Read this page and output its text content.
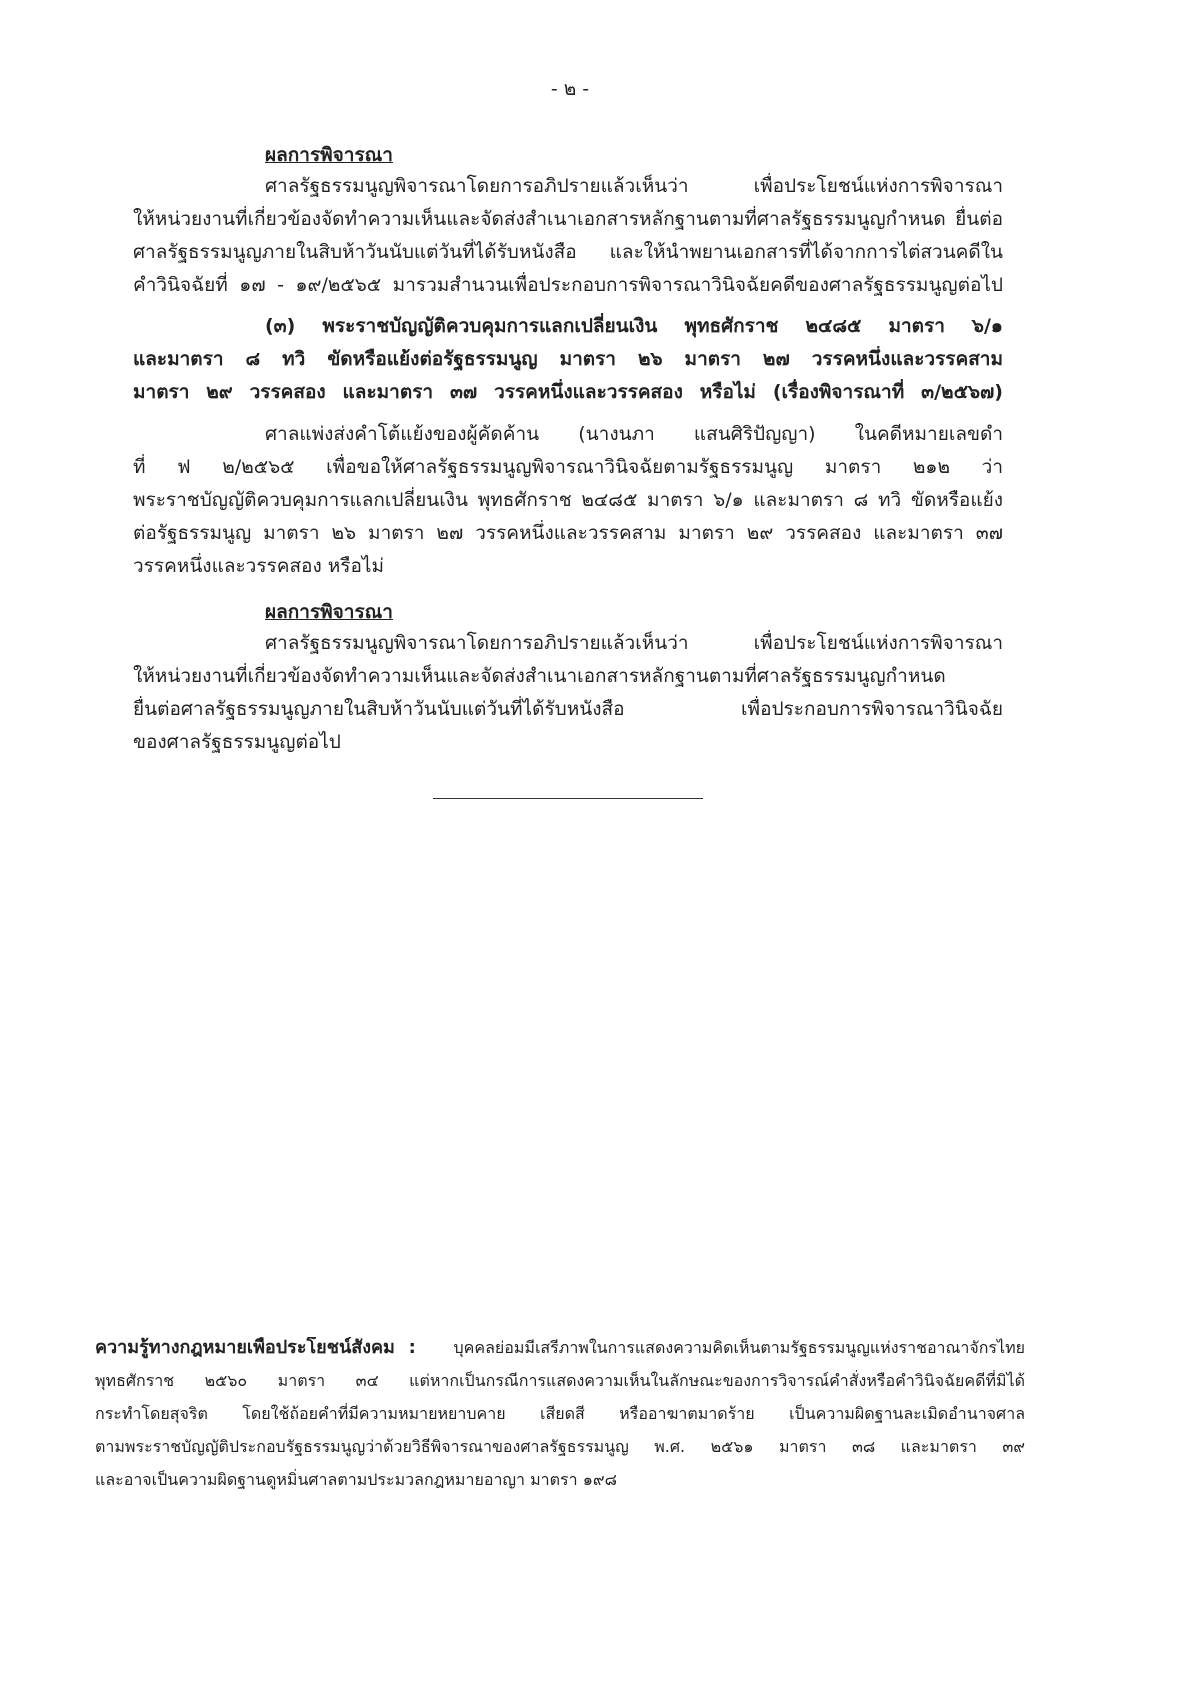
- ๒ -
ผลการพิจารณา
ศาลรัฐธรรมนูญพิจารณาโดยการอภิปรายแล้วเห็นว่า เพื่อประโยชน์แห่งการพิจารณา
ให้หน่วยงานที่เกี่ยวข้องจัดทำความเห็นและจัดส่งสำเนาเอกสารหลักฐานตามที่ศาลรัฐธรรมนูญกำหนด ยื่นต่อ
ศาลรัฐธรรมนูญภายในสิบห้าวันนับแต่วันที่ได้รับหนังสือ และให้นำพยานเอกสารที่ได้จากการไต่สวนคดีใน
คำวินิจฉัยที่ ๑๗ - ๑๙/๒๕๖๕ มารวมสำนวนเพื่อประกอบการพิจารณาวินิจฉัยคดีของศาลรัฐธรรมนูญต่อไป
(๓) พระราชบัญญัติควบคุมการแลกเปลี่ยนเงิน พุทธศักราช ๒๔๘๕ มาตรา ๖/๑
และมาตรา ๘ ทวิ ขัดหรือแย้งต่อรัฐธรรมนูญ มาตรา ๒๖ มาตรา ๒๗ วรรคหนึ่งและวรรคสาม
มาตรา ๒๙ วรรคสอง และมาตรา ๓๗ วรรคหนึ่งและวรรคสอง หรือไม่ (เรื่องพิจารณาที่ ๓/๒๕๖๗)
ศาลแพ่งส่งคำโต้แย้งของผู้คัดค้าน (นางนภา แสนศิริปัญญา) ในคดีหมายเลขดำ
ที่ ฟ ๒/๒๕๖๕ เพื่อขอให้ศาลรัฐธรรมนูญพิจารณาวินิจฉัยตามรัฐธรรมนูญ มาตรา ๒๑๒ ว่า
พระราชบัญญัติควบคุมการแลกเปลี่ยนเงิน พุทธศักราช ๒๔๘๕ มาตรา ๖/๑ และมาตรา ๘ ทวิ ขัดหรือแย้ง
ต่อรัฐธรรมนูญ มาตรา ๒๖ มาตรา ๒๗ วรรคหนึ่งและวรรคสาม มาตรา ๒๙ วรรคสอง และมาตรา ๓๗
วรรคหนึ่งและวรรคสอง หรือไม่
ผลการพิจารณา
ศาลรัฐธรรมนูญพิจารณาโดยการอภิปรายแล้วเห็นว่า เพื่อประโยชน์แห่งการพิจารณา
ให้หน่วยงานที่เกี่ยวข้องจัดทำความเห็นและจัดส่งสำเนาเอกสารหลักฐานตามที่ศาลรัฐธรรมนูญกำหนด
ยื่นต่อศาลรัฐธรรมนูญภายในสิบห้าวันนับแต่วันที่ได้รับหนังสือ เพื่อประกอบการพิจารณาวินิจฉัย
ของศาลรัฐธรรมนูญต่อไป
ความรู้ทางกฎหมายเพื่อประโยชน์สังคม : บุคคลย่อมมีเสรีภาพในการแสดงความคิดเห็นตามรัฐธรรมนูญแห่งราชอาณาจักรไทย
พุทธศักราช ๒๕๖๐ มาตรา ๓๔ แต่หากเป็นกรณีการแสดงความเห็นในลักษณะของการวิจารณ์คำสั่งหรือคำวินิจฉัยคดีที่มิได้
กระทำโดยสุจริต โดยใช้ถ้อยคำที่มีความหมายหยาบคาย เสียดสี หรืออาฆาตมาดร้าย เป็นความผิดฐานละเมิดอำนาจศาล
ตามพระราชบัญญัติประกอบรัฐธรรมนูญว่าด้วยวิธีพิจารณาของศาลรัฐธรรมนูญ พ.ศ. ๒๕๖๑ มาตรา ๓๘ และมาตรา ๓๙
และอาจเป็นความผิดฐานดูหมิ่นศาลตามประมวลกฎหมายอาญา มาตรา ๑๙๘
